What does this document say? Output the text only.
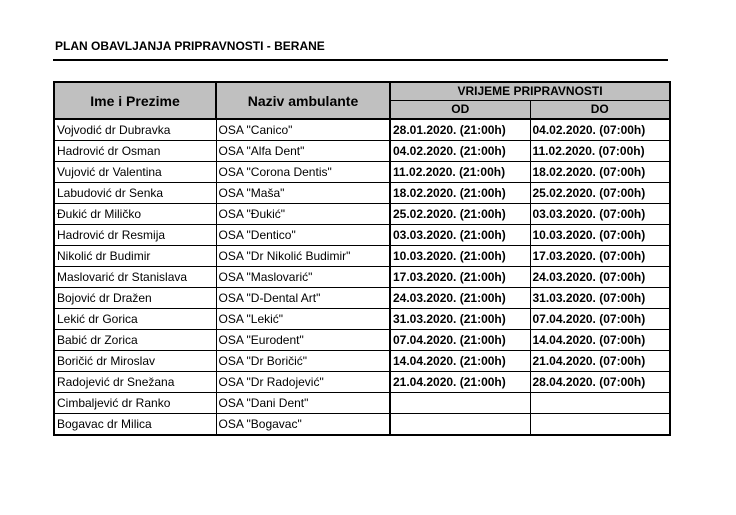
PLAN OBAVLJANJA PRIPRAVNOSTI - BERANE
Ime i Prezime	Naziv ambulante	VRIJEME PRIPRAVNOSTI	
		OD	DO
Vojvodić dr Dubravka	OSA "Canico"	28.01.2020. (21:00h)	04.02.2020. (07:00h)
Hadrović dr Osman	OSA "Alfa Dent"	04.02.2020. (21:00h)	11.02.2020. (07:00h)
Vujović dr Valentina	OSA "Corona Dentis"	11.02.2020. (21:00h)	18.02.2020. (07:00h)
Labudović dr Senka	OSA "Maša"	18.02.2020. (21:00h)	25.02.2020. (07:00h)
Đukić dr Miličko	OSA "Đukić"	25.02.2020. (21:00h)	03.03.2020. (07:00h)
Hadrović dr Resmija	OSA "Dentico"	03.03.2020. (21:00h)	10.03.2020. (07:00h)
Nikolić dr Budimir	OSA "Dr Nikolić Budimir"	10.03.2020. (21:00h)	17.03.2020. (07:00h)
Maslovarić dr Stanislava	OSA "Maslovarić"	17.03.2020. (21:00h)	24.03.2020. (07:00h)
Bojović dr Dražen	OSA "D-Dental Art"	24.03.2020. (21:00h)	31.03.2020. (07:00h)
Lekić dr Gorica	OSA "Lekić"	31.03.2020. (21:00h)	07.04.2020. (07:00h)
Babić dr Zorica	OSA "Eurodent"	07.04.2020. (21:00h)	14.04.2020. (07:00h)
Boričić dr Miroslav	OSA "Dr Boričić"	14.04.2020. (21:00h)	21.04.2020. (07:00h)
Radojević dr Snežana	OSA "Dr Radojević"	21.04.2020. (21:00h)	28.04.2020. (07:00h)
Cimbaljević dr Ranko	OSA "Dani Dent"		
Bogavac dr Milica	OSA "Bogavac"		
